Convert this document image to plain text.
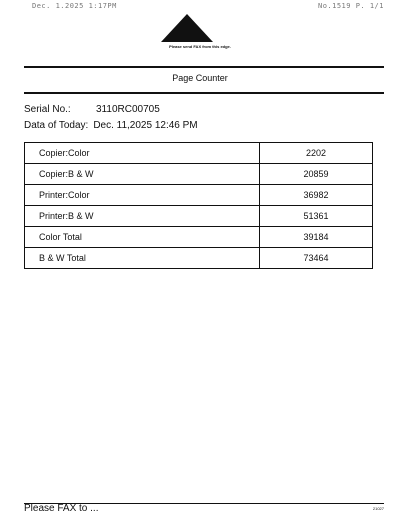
Dec. 1.2025 1:17PM	No.1519 P. 1/1
Please send FAX from this edge.
Page Counter
Serial No.:	3110RC00705
Data of Today: Dec. 11,2025 12:46 PM
Copier:Color	2202
Copier:B & W	20859
Printer:Color	36982
Printer:B & W	51361
Color Total	39184
B & W Total	73464
Please FAX to ...	21027
